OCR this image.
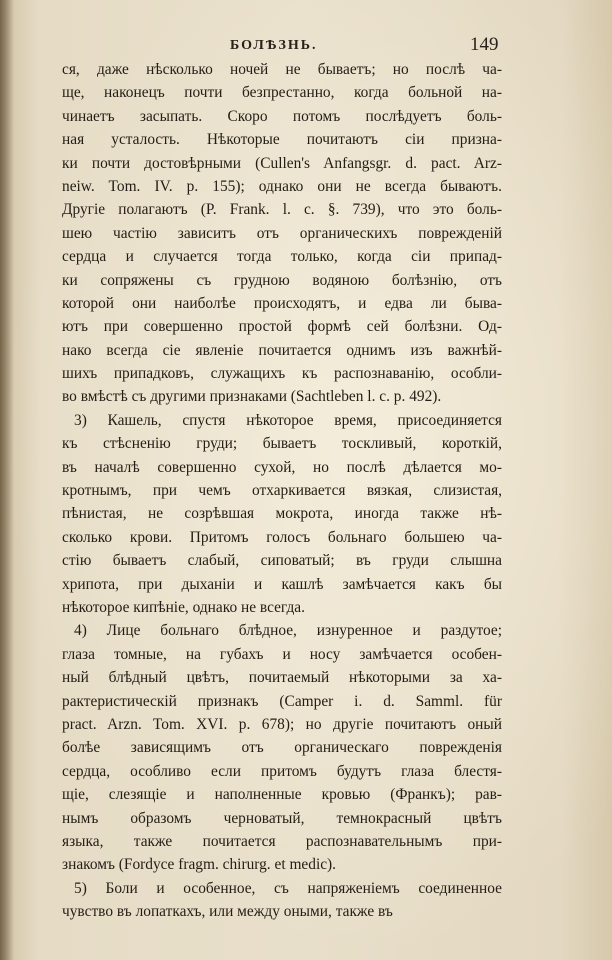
БОЛѢЗНЬ.	149
ся, даже нѣсколько ночей не бываетъ; но послѣ ча-
ще, наконецъ почти безпрестанно, когда больной на-
чинаетъ засыпать. Скоро потомъ послѣдуетъ боль-
ная усталость. Нѣкоторые почитаютъ сіи призна-
ки почти достовѣрными (Cullen's Anfangsgr. d. pact. Arz-
neiw. Tom. IV. p. 155); однако они не всегда бываютъ.
Другіе полагаютъ (P. Frank. l. c. §. 739), что это боль-
шею частію зависитъ отъ органическихъ поврежденій
сердца и случается тогда только, когда сіи припад-
ки сопряжены съ грудною водяною болѣзнію, отъ
которой они наиболѣе происходятъ, и едва ли быва-
ютъ при совершенно простой формѣ сей болѣзни. Од-
нако всегда сіе явленіе почитается однимъ изъ важнѣй-
шихъ припадковъ, служащихъ къ распознаванію, особли-
во вмѣстѣ съ другими признаками (Sachtleben l. c. p. 492).
3) Кашель, спустя нѣкоторое время, присоединяется
къ стѣсненію груди; бываетъ тоскливый, короткій,
въ началѣ совершенно сухой, но послѣ дѣлается мо-
кротнымъ, при чемъ отхаркивается вязкая, слизистая,
пѣнистая, не созрѣвшая мокрота, иногда также нѣ-
сколько крови. Притомъ голосъ больнаго большею ча-
стію бываетъ слабый, сиповатый; въ груди слышна
хрипота, при дыханіи и кашлѣ замѣчается какъ бы
нѣкоторое кипѣніе, однако не всегда.
4) Лице больнаго блѣдное, изнуренное и раздутое;
глаза томные, на губахъ и носу замѣчается особен-
ный блѣдный цвѣтъ, почитаемый нѣкоторыми за ха-
рактеристическій признакъ (Camper i. d. Samml. für
pract. Arzn. Tom. XVI. p. 678); но другіе почитаютъ оный
болѣе зависящимъ отъ органическаго поврежденія
сердца, особливо если притомъ будутъ глаза блестя-
щіе, слезящіе и наполненные кровью (Франкъ); рав-
нымъ образомъ черноватый, темнокрасный цвѣтъ
языка, также почитается распознавательнымъ при-
знакомъ (Fordyce fragm. chirurg. et medic).
5) Боли и особенное, съ напряженіемъ соединенное
чувство въ лопаткахъ, или между оными, также въ
